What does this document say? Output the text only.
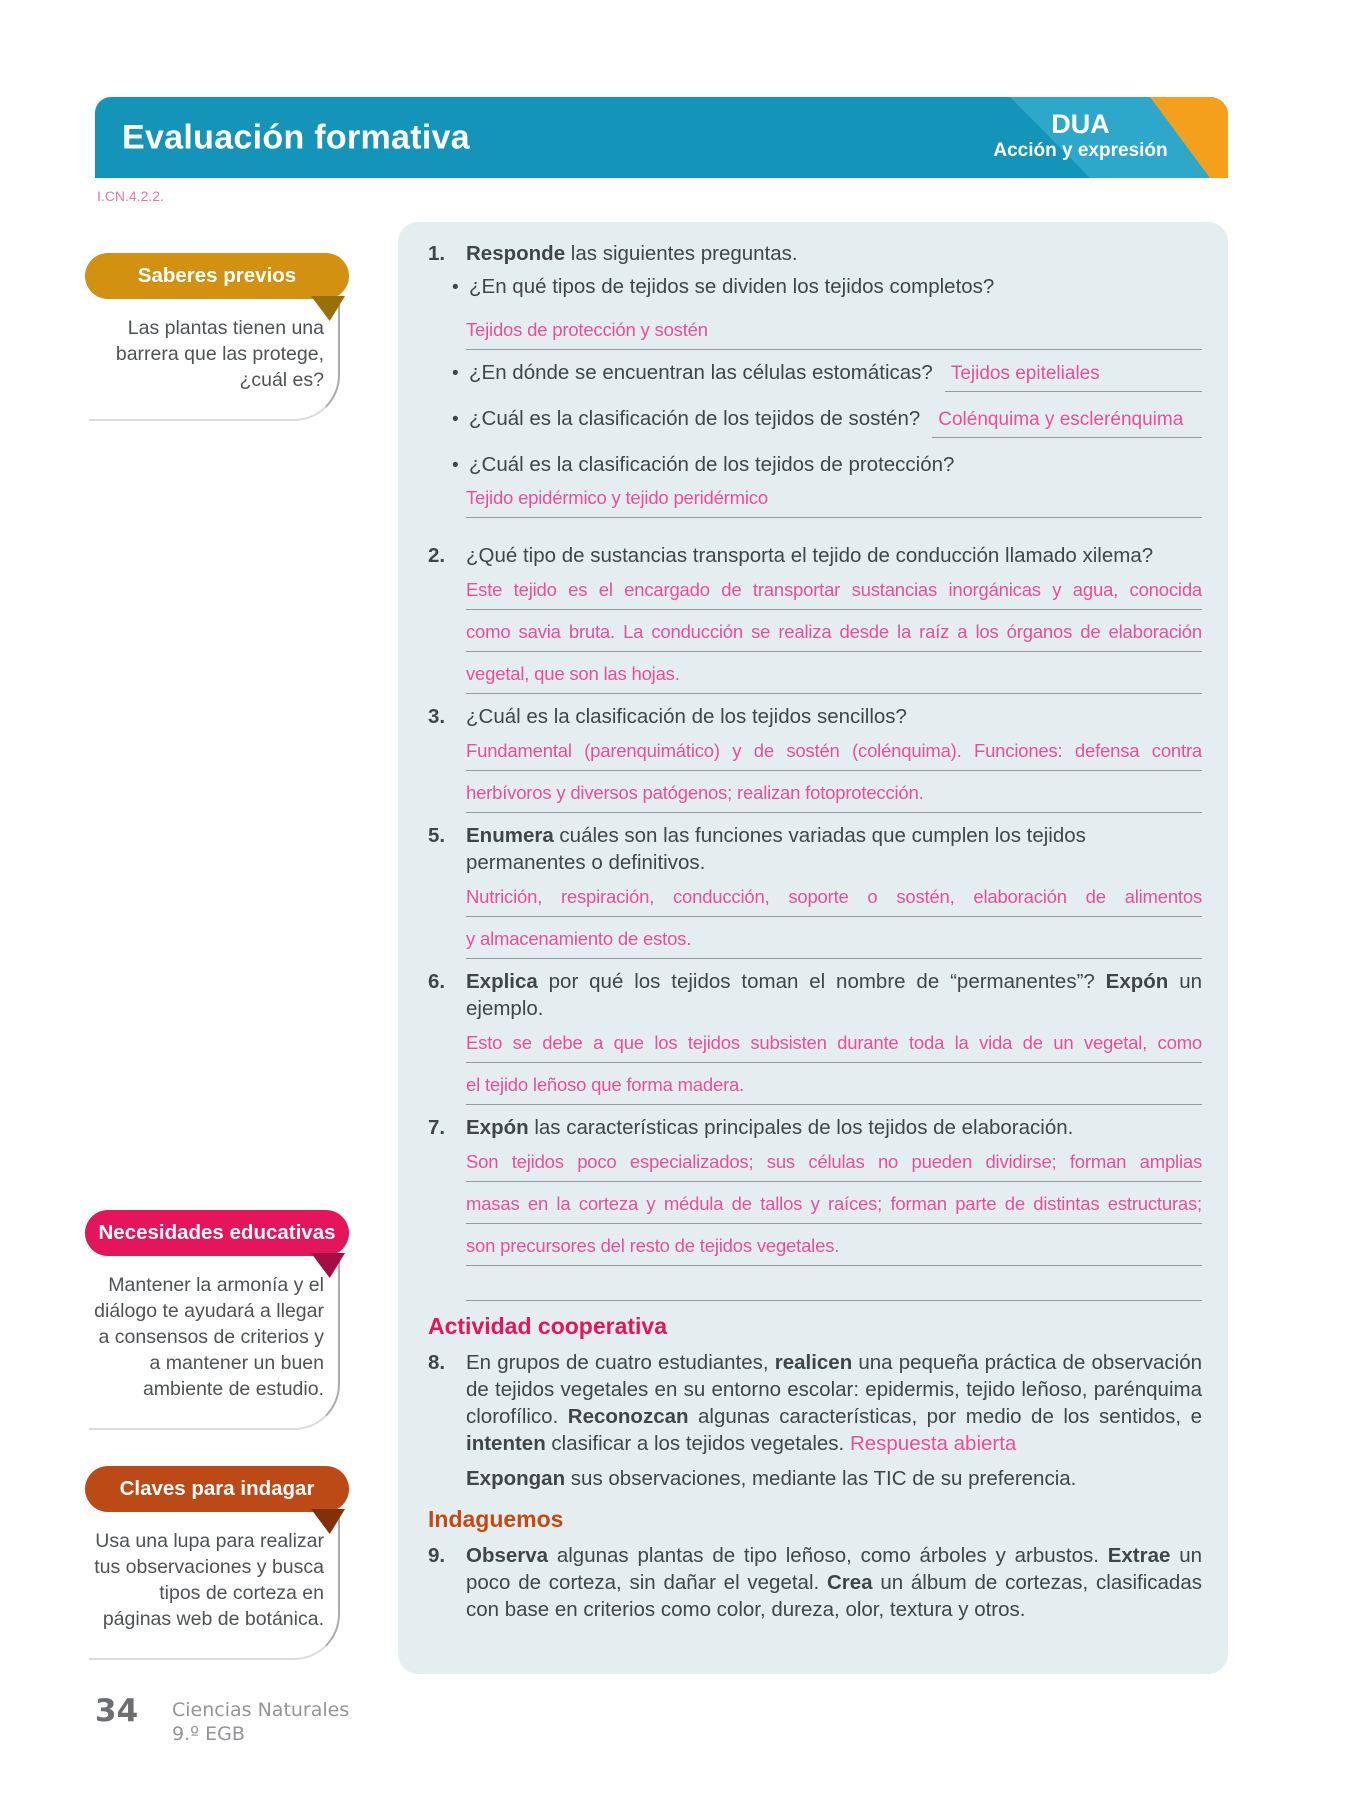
Evaluación formativa	DUA
Acción y expresión
I.CN.4.2.2.
Saberes previos
Las plantas tienen una barrera que las protege, ¿cuál es?
Necesidades educativas
Mantener la armonía y el diálogo te ayudará a llegar a consensos de criterios y a mantener un buen ambiente de estudio.
Claves para indagar
Usa una lupa para realizar tus observaciones y busca tipos de corteza en páginas web de botánica.
1.	Responde las siguientes preguntas.
• ¿En qué tipos de tejidos se dividen los tejidos completos?
Tejidos de protección y sostén
• ¿En dónde se encuentran las células estomáticas? Tejidos epiteliales
• ¿Cuál es la clasificación de los tejidos de sostén? Colénquima y esclerénquima
• ¿Cuál es la clasificación de los tejidos de protección?
Tejido epidérmico y tejido peridérmico
2.	¿Qué tipo de sustancias transporta el tejido de conducción llamado xilema?
Este tejido es el encargado de transportar sustancias inorgánicas y agua, conocida
como savia bruta. La conducción se realiza desde la raíz a los órganos de elaboración
vegetal, que son las hojas.
3.	¿Cuál es la clasificación de los tejidos sencillos?
Fundamental (parenquimático) y de sostén (colénquima). Funciones: defensa contra
herbívoros y diversos patógenos; realizan fotoprotección.
5.	Enumera cuáles son las funciones variadas que cumplen los tejidos permanentes o definitivos.
Nutrición, respiración, conducción, soporte o sostén, elaboración de alimentos
y almacenamiento de estos.
6.	Explica por qué los tejidos toman el nombre de “permanentes”? Expón un ejemplo.
Esto se debe a que los tejidos subsisten durante toda la vida de un vegetal, como
el tejido leñoso que forma madera.
7.	Expón las características principales de los tejidos de elaboración.
Son tejidos poco especializados; sus células no pueden dividirse; forman amplias
masas en la corteza y médula de tallos y raíces; forman parte de distintas estructuras;
son precursores del resto de tejidos vegetales.
Actividad cooperativa
8.	En grupos de cuatro estudiantes, realicen una pequeña práctica de observación de tejidos vegetales en su entorno escolar: epidermis, tejido leñoso, parénquima clorofílico. Reconozcan algunas características, por medio de los sentidos, e intenten clasificar a los tejidos vegetales. Respuesta abierta
Expongan sus observaciones, mediante las TIC de su preferencia.
Indaguemos
9.	Observa algunas plantas de tipo leñoso, como árboles y arbustos. Extrae un poco de corteza, sin dañar el vegetal. Crea un álbum de cortezas, clasificadas con base en criterios como color, dureza, olor, textura y otros.
34 Ciencias Naturales
9.º EGB
